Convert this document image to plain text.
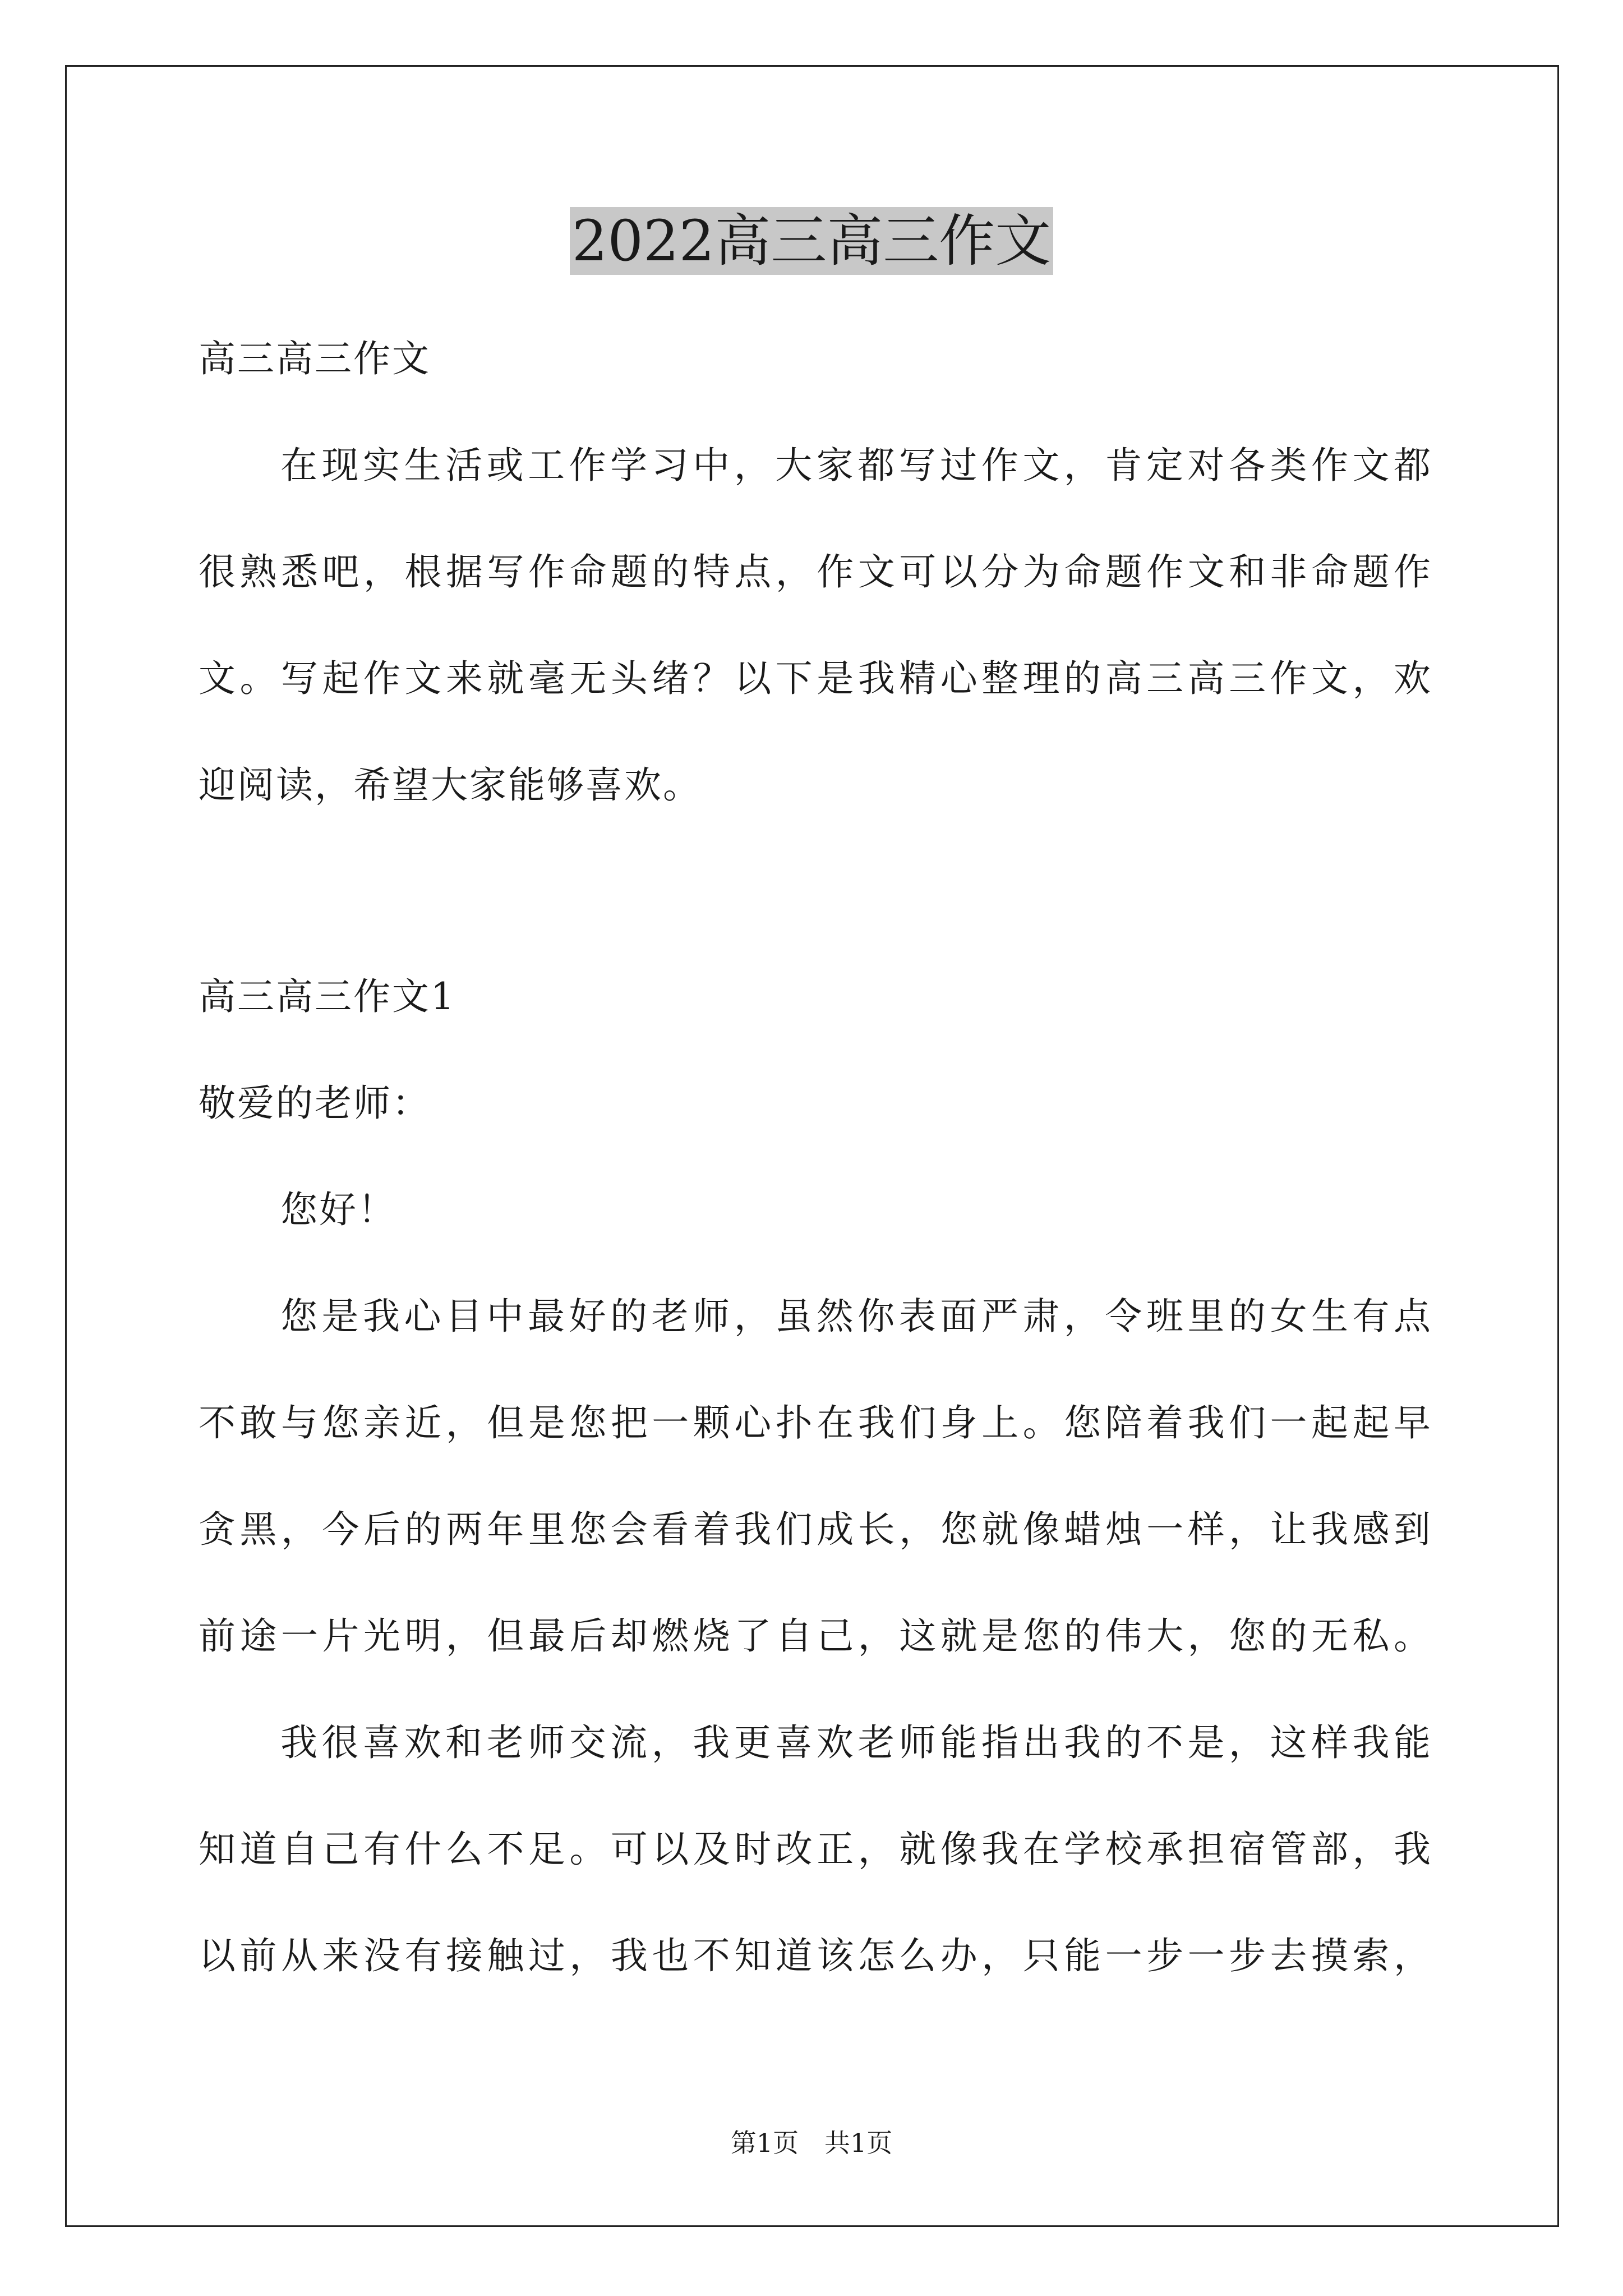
2022高三高三作文
高三高三作文
在现实生活或工作学习中，大家都写过作文，肯定对各类作文都
很熟悉吧，根据写作命题的特点，作文可以分为命题作文和非命题作
文。写起作文来就毫无头绪？以下是我精心整理的高三高三作文，欢
迎阅读，希望大家能够喜欢。
高三高三作文1
敬爱的老师：
您好！
您是我心目中最好的老师，虽然你表面严肃，令班里的女生有点
不敢与您亲近，但是您把一颗心扑在我们身上。您陪着我们一起起早
贪黑，今后的两年里您会看着我们成长，您就像蜡烛一样，让我感到
前途一片光明，但最后却燃烧了自己，这就是您的伟大，您的无私。
我很喜欢和老师交流，我更喜欢老师能指出我的不是，这样我能
知道自己有什么不足。可以及时改正，就像我在学校承担宿管部，我
以前从来没有接触过，我也不知道该怎么办，只能一步一步去摸索，
第1页　共1页
